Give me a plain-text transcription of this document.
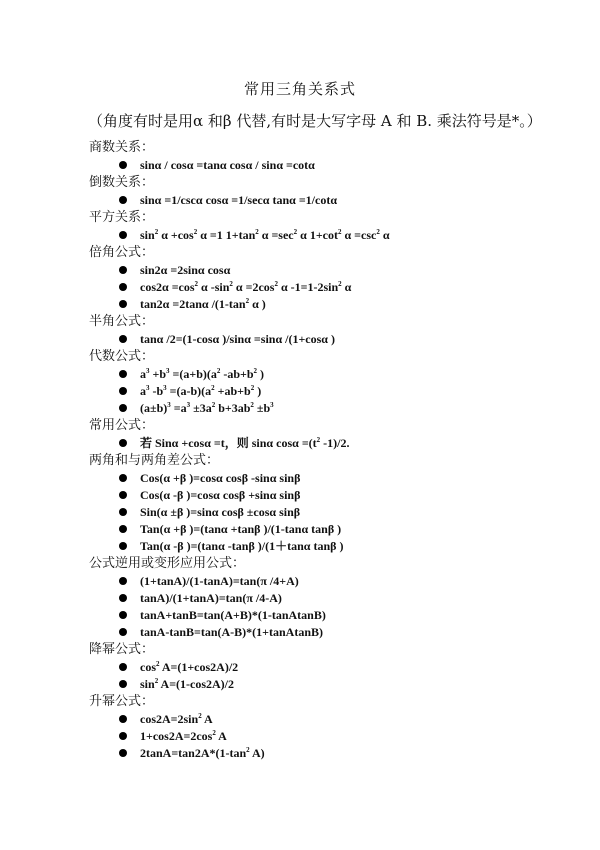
常用三角关系式
（角度有时是用α 和β 代替,有时是大写字母 A 和 B. 乘法符号是*。）
商数关系：
sinα / cosα =tanα cosα / sinα =cotα
倒数关系：
sinα =1/cscα cosα =1/secα tanα =1/cotα
平方关系：
$\sin^2 \alpha +\cos^2$ α =1 $1+\tan^2$ $\alpha =\sec^2$ α $1+\cot^2$ $\alpha =\csc^2$ α
倍角公式：
sin2α =2sinα cosα
$\cos 2\alpha =\cos^2$ α $-\sin^2$ $\alpha =2\cos^2$ α $-1=1-2\sin^2$ α
tan2α =2tanα $/(1-\tan^2$ α )
半角公式：
tanα /2=(1-cosα )/sinα =sinα /(1+cosα )
代数公式：
$a^3 +b^3 =(a+b)(a^2$ $-ab+b^2$ )
$a^3$ $-b^3 =(a-b)(a^2 +ab+b^2$ )
$(a\pm b)^3 =a^3 \pm 3a^2$ $b+3ab^2 \pm b^3$
常用公式：
若 Sinα +cosα =t，则 sinα $\cos\alpha =(t^2$ -1)/2.
两角和与两角差公式：
Cos(α +β )=cosα cosβ -sinα sinβ
Cos(α -β )=cosα cosβ +sinα sinβ
Sin(α ±β )=sinα cosβ ±cosα sinβ
Tan(α +β )=(tanα +tanβ )/(1-tanα tanβ )
Tan(α -β )=(tanα -tanβ )/(1＋tanα tanβ )
公式逆用或变形应用公式：
(1+tanA)/(1-tanA)=tan(π /4+A)
tanA)/(1+tanA)=tan(π /4-A)
tanA+tanB=tan(A+B)*(1-tanAtanB)
tanA-tanB=tan(A-B)*(1+tanAtanB)
降幂公式：
$\cos^2 A=(1+\cos 2A)/2$
$\sin^2 A=(1-\cos 2A)/2$
升幂公式：
$\cos 2A=2\sin^2$ A
$1+\cos 2A=2\cos^2$ A
$2\tan A=\tan 2A*(1-\tan^2$ A)
